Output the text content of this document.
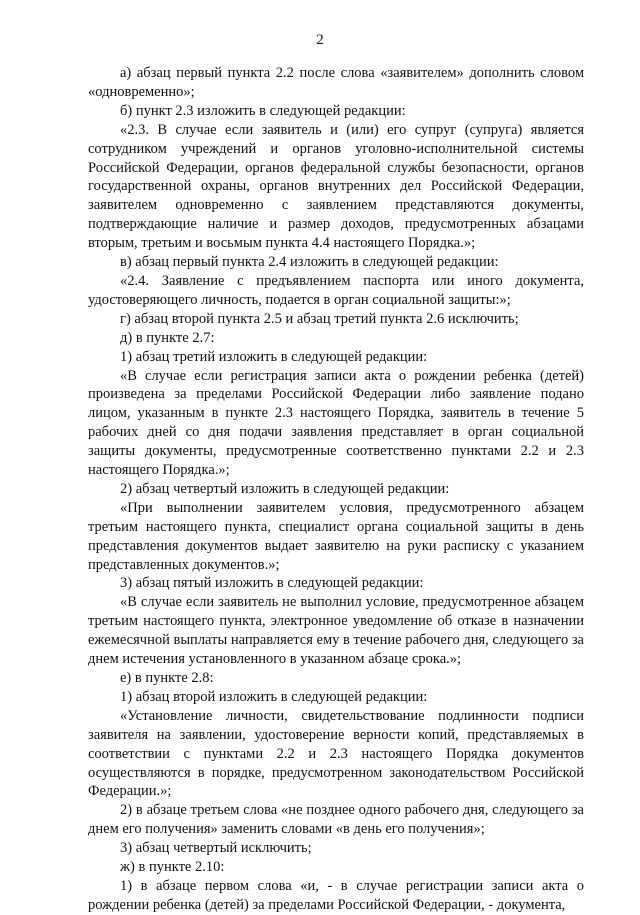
2

а) абзац первый пункта 2.2 после слова «заявителем» дополнить словом «одновременно»;

б) пункт 2.3 изложить в следующей редакции:

«2.3. В случае если заявитель и (или) его супруг (супруга) является сотрудником учреждений и органов уголовно-исполнительной системы Российской Федерации, органов федеральной службы безопасности, органов государственной охраны, органов внутренних дел Российской Федерации, заявителем одновременно с заявлением представляются документы, подтверждающие наличие и размер доходов, предусмотренных абзацами вторым, третьим и восьмым пункта 4.4 настоящего Порядка.»;

в) абзац первый пункта 2.4 изложить в следующей редакции:

«2.4. Заявление с предъявлением паспорта или иного документа, удостоверяющего личность, подается в орган социальной защиты:»;

г) абзац второй пункта 2.5 и абзац третий пункта 2.6 исключить;

д) в пункте 2.7:

1) абзац третий изложить в следующей редакции:

«В случае если регистрация записи акта о рождении ребенка (детей) произведена за пределами Российской Федерации либо заявление подано лицом, указанным в пункте 2.3 настоящего Порядка, заявитель в течение 5 рабочих дней со дня подачи заявления представляет в орган социальной защиты документы, предусмотренные соответственно пунктами 2.2 и 2.3 настоящего Порядка.»;

2) абзац четвертый изложить в следующей редакции:

«При выполнении заявителем условия, предусмотренного абзацем третьим настоящего пункта, специалист органа социальной защиты в день представления документов выдает заявителю на руки расписку с указанием представленных документов.»;

3) абзац пятый изложить в следующей редакции:

«В случае если заявитель не выполнил условие, предусмотренное абзацем третьим настоящего пункта, электронное уведомление об отказе в назначении ежемесячной выплаты направляется ему в течение рабочего дня, следующего за днем истечения установленного в указанном абзаце срока.»;

е) в пункте 2.8:

1) абзац второй изложить в следующей редакции:

«Установление личности, свидетельствование подлинности подписи заявителя на заявлении, удостоверение верности копий, представляемых в соответствии с пунктами 2.2 и 2.3 настоящего Порядка документов осуществляются в порядке, предусмотренном законодательством Российской Федерации.»;

2) в абзаце третьем слова «не позднее одного рабочего дня, следующего за днем его получения» заменить словами «в день его получения»;

3) абзац четвертый исключить;

ж) в пункте 2.10:

1) в абзаце первом слова «и, - в случае регистрации записи акта о рождении ребенка (детей) за пределами Российской Федерации, - документа,
